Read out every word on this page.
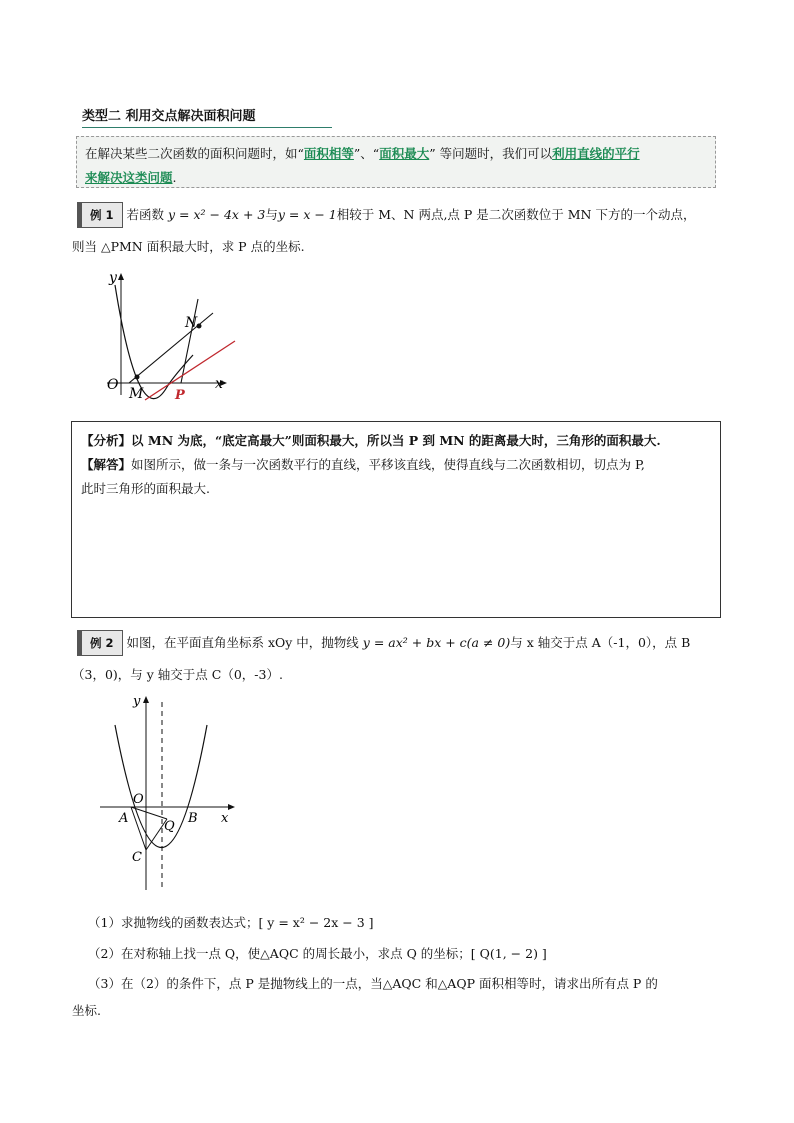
类型二 利用交点解决面积问题
在解决某些二次函数的面积问题时，如“面积相等”、“面积最大” 等问题时，我们可以利用直线的平行
来解决这类问题.
例 1 若函数 y = x² − 4x + 3与y = x − 1相较于 M、N 两点,点 P 是二次函数位于 MN 下方的一个动点，
则当 △PMN 面积最大时，求 P 点的坐标.
y
x
O
M
N
P
【分析】以 MN 为底，“底定高最大”则面积最大，所以当 P 到 MN 的距离最大时，三角形的面积最大.
【解答】如图所示，做一条与一次函数平行的直线，平移该直线，使得直线与二次函数相切，切点为 P,
此时三角形的面积最大.
例 2 如图，在平面直角坐标系 xOy 中，抛物线 y = ax² + bx + c(a ≠ 0)与 x 轴交于点 A（-1，0），点 B
（3，0)，与 y 轴交于点 C（0，-3）.
y
x
O
A	B
C
Q
（1）求抛物线的函数表达式；[ y = x² − 2x − 3 ]
（2）在对称轴上找一点 Q，使△AQC 的周长最小，求点 Q 的坐标；[ Q(1, − 2) ]
（3）在（2）的条件下，点 P 是抛物线上的一点，当△AQC 和△AQP 面积相等时，请求出所有点 P 的
坐标.
